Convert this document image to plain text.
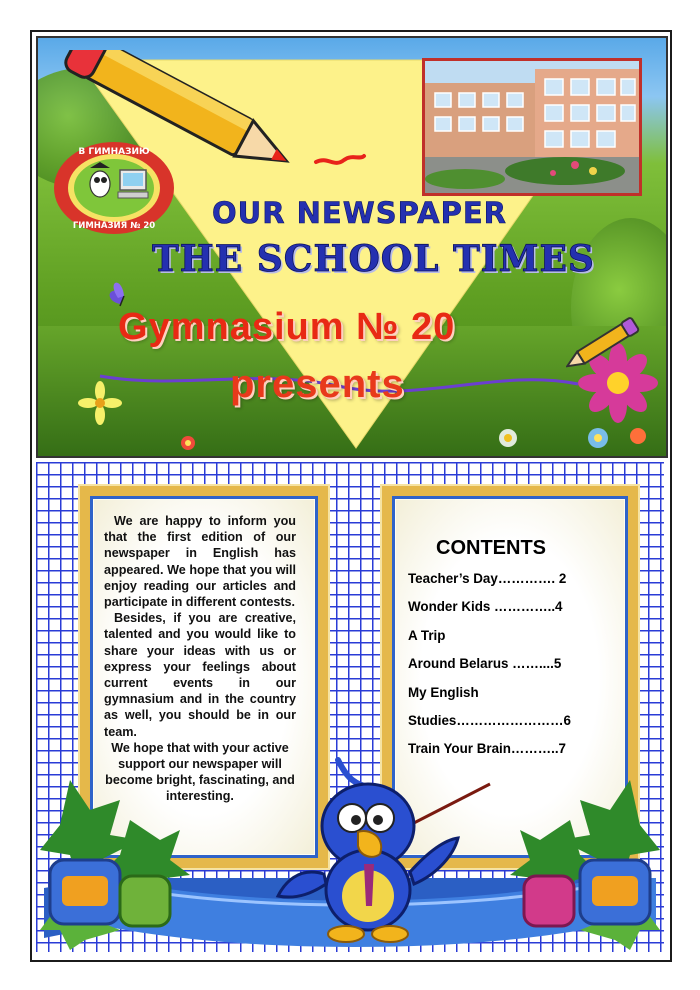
В ГИМНАЗИЮ
ГИМНАЗИЯ № 20 OUR NEWSPAPER
THE SCHOOL TIMES
Gymnasium № 20
presents

We are happy to inform you that the first edition of our newspaper in English has appeared. We hope that you will enjoy reading our articles and participate in different contests.

Besides, if you are creative, talented and you would like to share your ideas with us or express your feelings about current events in our gymnasium and in the country as well, you should be in our team.

We hope that with your active support our newspaper will become bright, fascinating, and interesting.

CONTENTS
Teacher’s Day…………. 2
Wonder Kids …………..4
A Trip
Around Belarus ……....5
My English
Studies……………………6
Train Your Brain………..7
